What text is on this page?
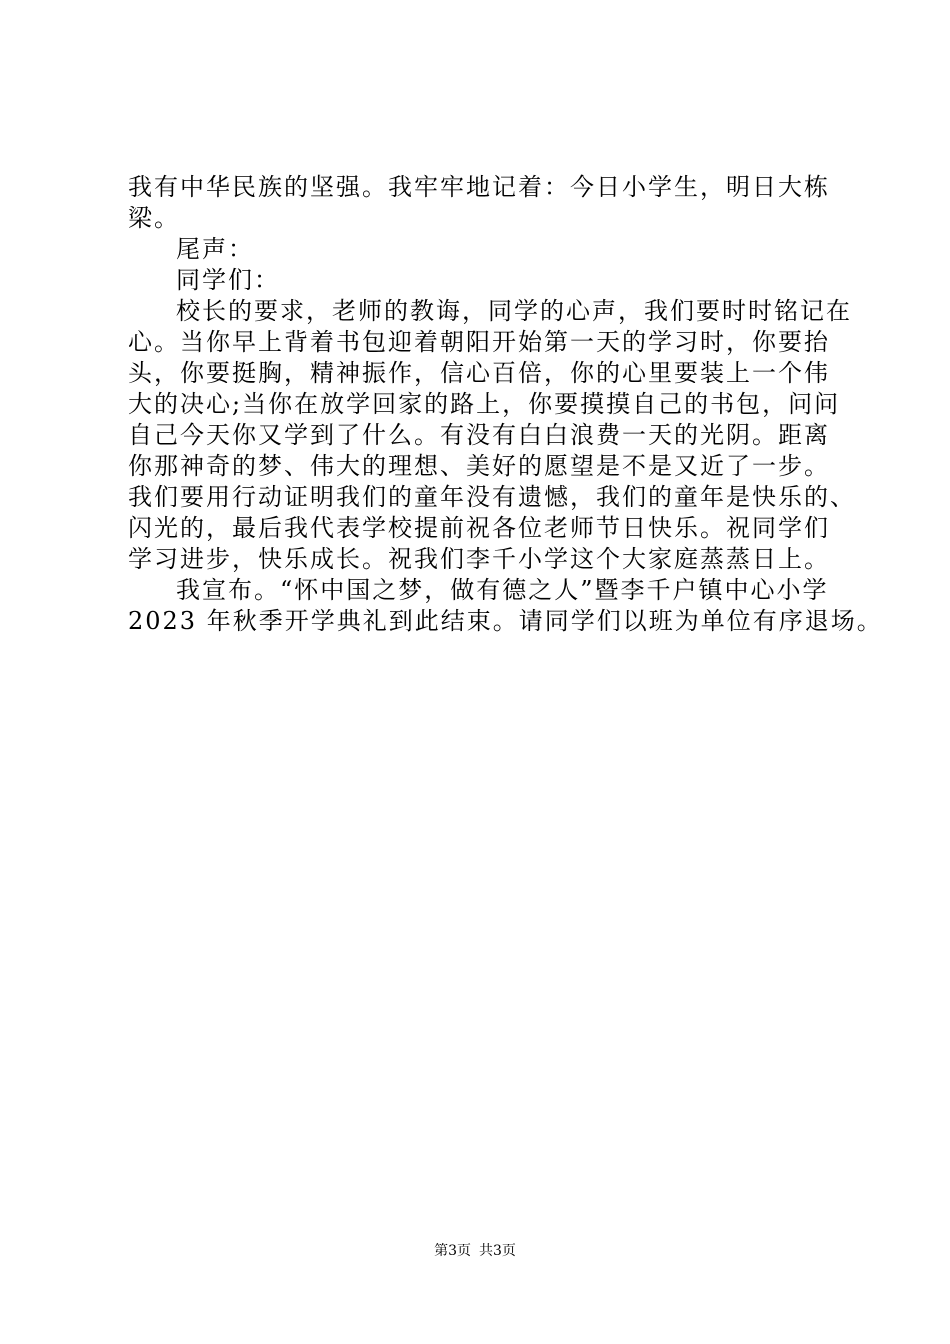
我有中华民族的坚强。我牢牢地记着：今日小学生，明日大栋
梁。
尾声：
同学们：
校长的要求，老师的教诲，同学的心声，我们要时时铭记在
心。当你早上背着书包迎着朝阳开始第一天的学习时，你要抬
头，你要挺胸，精神振作，信心百倍，你的心里要装上一个伟
大的决心;当你在放学回家的路上，你要摸摸自己的书包，问问
自己今天你又学到了什么。有没有白白浪费一天的光阴。距离
你那神奇的梦、伟大的理想、美好的愿望是不是又近了一步。
我们要用行动证明我们的童年没有遗憾，我们的童年是快乐的、
闪光的，最后我代表学校提前祝各位老师节日快乐。祝同学们
学习进步，快乐成长。祝我们李千小学这个大家庭蒸蒸日上。
我宣布。“怀中国之梦，做有德之人”暨李千户镇中心小学
2023 年秋季开学典礼到此结束。请同学们以班为单位有序退场。
第3页 共3页
